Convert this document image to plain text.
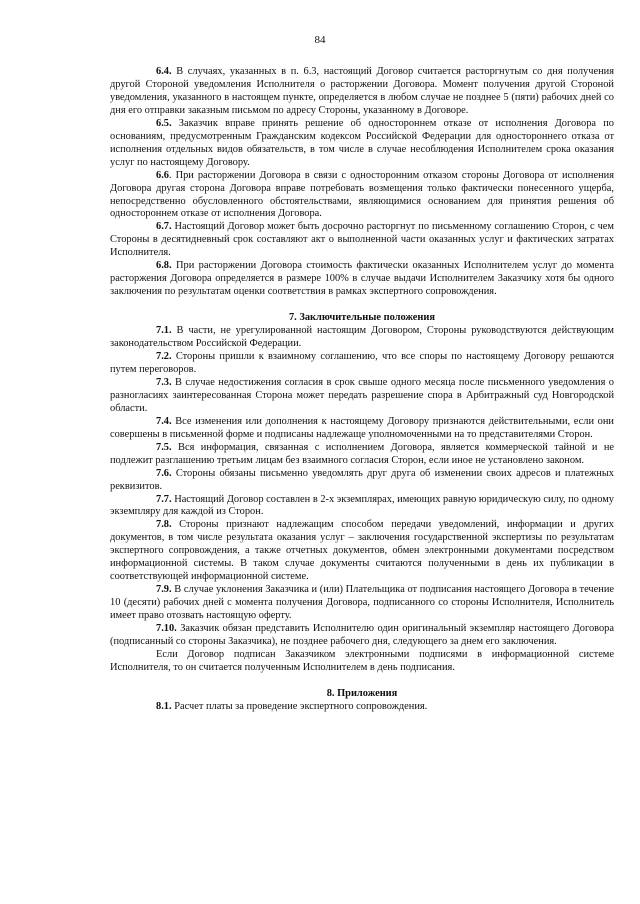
84

6.4. В случаях, указанных в п. 6.3, настоящий Договор считается расторгнутым со дня получения другой Стороной уведомления Исполнителя о расторжении Договора. Момент получения другой Стороной уведомления, указанного в настоящем пункте, определяется в любом случае не позднее 5 (пяти) рабочих дней со дня его отправки заказным письмом по адресу Стороны, указанному в Договоре.

6.5. Заказчик вправе принять решение об одностороннем отказе от исполнения Договора по основаниям, предусмотренным Гражданским кодексом Российской Федерации для одностороннего отказа от исполнения отдельных видов обязательств, в том числе в случае несоблюдения Исполнителем срока оказания услуг по настоящему Договору.

6.6. При расторжении Договора в связи с односторонним отказом стороны Договора от исполнения Договора другая сторона Договора вправе потребовать возмещения только фактически понесенного ущерба, непосредственно обусловленного обстоятельствами, являющимися основанием для принятия решения об одностороннем отказе от исполнения Договора.

6.7. Настоящий Договор может быть досрочно расторгнут по письменному соглашению Сторон, с чем Стороны в десятидневный срок составляют акт о выполненной части оказанных услуг и фактических затратах Исполнителя.

6.8. При расторжении Договора стоимость фактически оказанных Исполнителем услуг до момента расторжения Договора определяется в размере 100% в случае выдачи Исполнителем Заказчику хотя бы одного заключения по результатам оценки соответствия в рамках экспертного сопровождения.

7. Заключительные положения

7.1. В части, не урегулированной настоящим Договором, Стороны руководствуются действующим законодательством Российской Федерации.

7.2. Стороны пришли к взаимному соглашению, что все споры по настоящему Договору решаются путем переговоров.

7.3. В случае недостижения согласия в срок свыше одного месяца после письменного уведомления о разногласиях заинтересованная Сторона может передать разрешение спора в Арбитражный суд Новгородской области.

7.4. Все изменения или дополнения к настоящему Договору признаются действительными, если они совершены в письменной форме и подписаны надлежаще уполномоченными на то представителями Сторон.

7.5. Вся информация, связанная с исполнением Договора, является коммерческой тайной и не подлежит разглашению третьим лицам без взаимного согласия Сторон, если иное не установлено законом.

7.6. Стороны обязаны письменно уведомлять друг друга об изменении своих адресов и платежных реквизитов.

7.7. Настоящий Договор составлен в 2-х экземплярах, имеющих равную юридическую силу, по одному экземпляру для каждой из Сторон.

7.8. Стороны признают надлежащим способом передачи уведомлений, информации и других документов, в том числе результата оказания услуг – заключения государственной экспертизы по результатам экспертного сопровождения, а также отчетных документов, обмен электронными документами посредством информационной системы. В таком случае документы считаются полученными в день их публикации в соответствующей информационной системе.

7.9. В случае уклонения Заказчика и (или) Плательщика от подписания настоящего Договора в течение 10 (десяти) рабочих дней с момента получения Договора, подписанного со стороны Исполнителя, Исполнитель имеет право отозвать настоящую оферту.

7.10. Заказчик обязан представить Исполнителю один оригинальный экземпляр настоящего Договора (подписанный со стороны Заказчика), не позднее рабочего дня, следующего за днем его заключения.

Если Договор подписан Заказчиком электронными подписями в информационной системе Исполнителя, то он считается полученным Исполнителем в день подписания.

8. Приложения

8.1. Расчет платы за проведение экспертного сопровождения.
